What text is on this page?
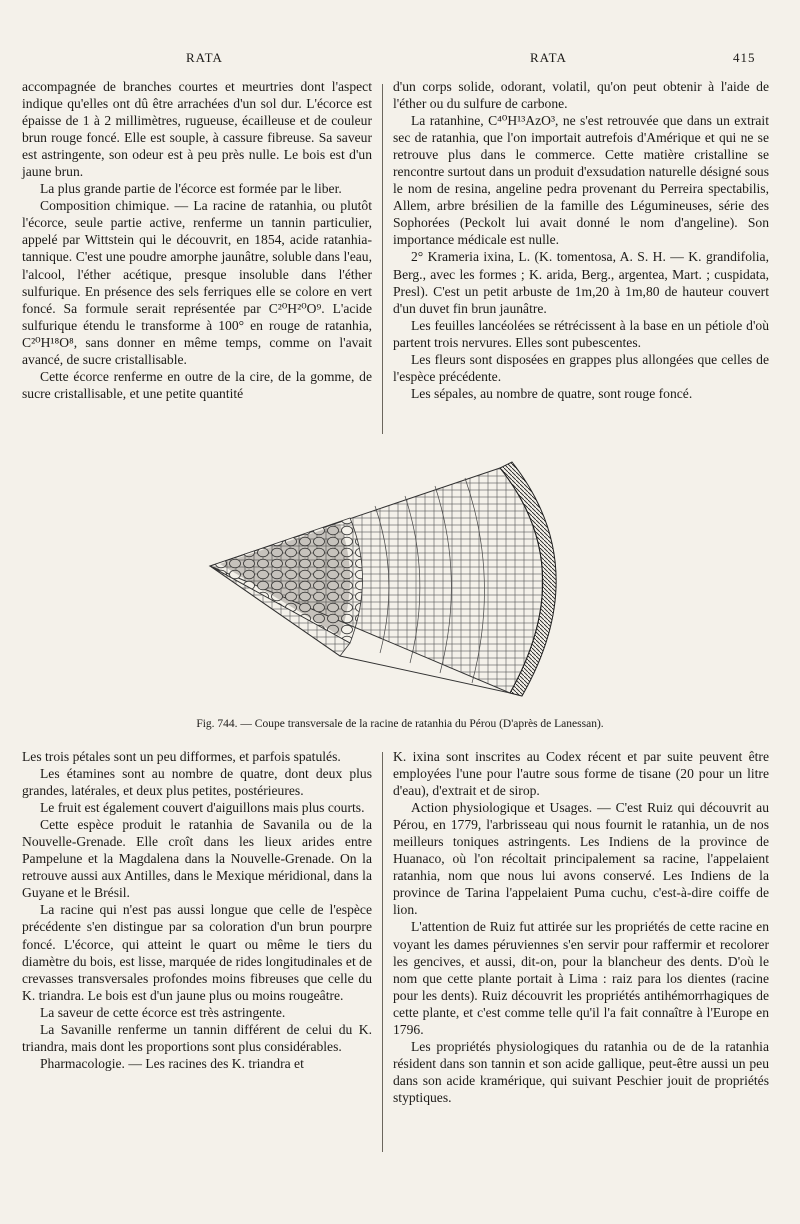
RATA	RATA	415

accompagnée de branches courtes et meurtries dont l'aspect indique qu'elles ont dû être arrachées d'un sol dur. L'écorce est épaisse de 1 à 2 millimètres, rugueuse, écailleuse et de couleur brun rouge foncé. Elle est souple, à cassure fibreuse. Sa saveur est astringente, son odeur est à peu près nulle. Le bois est d'un jaune brun.

La plus grande partie de l'écorce est formée par le liber.

Composition chimique. — La racine de ratanhia, ou plutôt l'écorce, seule partie active, renferme un tannin particulier, appelé par Wittstein qui le découvrit, en 1854, acide ratanhia-tannique. C'est une poudre amorphe jaunâtre, soluble dans l'eau, l'alcool, l'éther acétique, presque insoluble dans l'éther sulfurique. En présence des sels ferriques elle se colore en vert foncé. Sa formule serait représentée par C²⁰H²⁰O⁹. L'acide sulfurique étendu le transforme à 100° en rouge de ratanhia, C²⁰H¹⁸O⁸, sans donner en même temps, comme on l'avait avancé, de sucre cristallisable.

Cette écorce renferme en outre de la cire, de la gomme, de sucre cristallisable, et une petite quantité

d'un corps solide, odorant, volatil, qu'on peut obtenir à l'aide de l'éther ou du sulfure de carbone.

La ratanhine, C⁴⁰H¹³AzO³, ne s'est retrouvée que dans un extrait sec de ratanhia, que l'on importait autrefois d'Amérique et qui ne se retrouve plus dans le commerce. Cette matière cristalline se rencontre surtout dans un produit d'exsudation naturelle désigné sous le nom de resina, angeline pedra provenant du Perreira spectabilis, Allem, arbre brésilien de la famille des Légumineuses, série des Sophorées (Peckolt lui avait donné le nom d'angeline). Son importance médicale est nulle.

2° Krameria ixina, L. (K. tomentosa, A. S. H. — K. grandifolia, Berg., avec les formes ; K. arida, Berg., argentea, Mart. ; cuspidata, Presl). C'est un petit arbuste de 1m,20 à 1m,80 de hauteur couvert d'un duvet fin brun jaunâtre.

Les feuilles lancéolées se rétrécissent à la base en un pétiole d'où partent trois nervures. Elles sont pubescentes.

Les fleurs sont disposées en grappes plus allongées que celles de l'espèce précédente.

Les sépales, au nombre de quatre, sont rouge foncé.

Fig. 744. — Coupe transversale de la racine de ratanhia du Pérou (D'après de Lanessan).

Les trois pétales sont un peu difformes, et parfois spatulés.

Les étamines sont au nombre de quatre, dont deux plus grandes, latérales, et deux plus petites, postérieures.

Le fruit est également couvert d'aiguillons mais plus courts.

Cette espèce produit le ratanhia de Savanila ou de la Nouvelle-Grenade. Elle croît dans les lieux arides entre Pampelune et la Magdalena dans la Nouvelle-Grenade. On la retrouve aussi aux Antilles, dans le Mexique méridional, dans la Guyane et le Brésil.

La racine qui n'est pas aussi longue que celle de l'espèce précédente s'en distingue par sa coloration d'un brun pourpre foncé. L'écorce, qui atteint le quart ou même le tiers du diamètre du bois, est lisse, marquée de rides longitudinales et de crevasses transversales profondes moins fibreuses que celle du K. triandra. Le bois est d'un jaune plus ou moins rougeâtre.

La saveur de cette écorce est très astringente.

La Savanille renferme un tannin différent de celui du K. triandra, mais dont les proportions sont plus considérables.

Pharmacologie. — Les racines des K. triandra et

K. ixina sont inscrites au Codex récent et par suite peuvent être employées l'une pour l'autre sous forme de tisane (20 pour un litre d'eau), d'extrait et de sirop.

Action physiologique et Usages. — C'est Ruiz qui découvrit au Pérou, en 1779, l'arbrisseau qui nous fournit le ratanhia, un de nos meilleurs toniques astringents. Les Indiens de la province de Huanaco, où l'on récoltait principalement sa racine, l'appelaient ratanhia, nom que nous lui avons conservé. Les Indiens de la province de Tarina l'appelaient Puma cuchu, c'est-à-dire coiffe de lion.

L'attention de Ruiz fut attirée sur les propriétés de cette racine en voyant les dames péruviennes s'en servir pour raffermir et recolorer les gencives, et aussi, dit-on, pour la blancheur des dents. D'où le nom que cette plante portait à Lima : raiz para los dientes (racine pour les dents). Ruiz découvrit les propriétés antihémorrhagiques de cette plante, et c'est comme telle qu'il l'a fait connaître à l'Europe en 1796.

Les propriétés physiologiques du ratanhia ou de de la ratanhia résident dans son tannin et son acide gallique, peut-être aussi un peu dans son acide kramérique, qui suivant Peschier jouit de propriétés styptiques.
